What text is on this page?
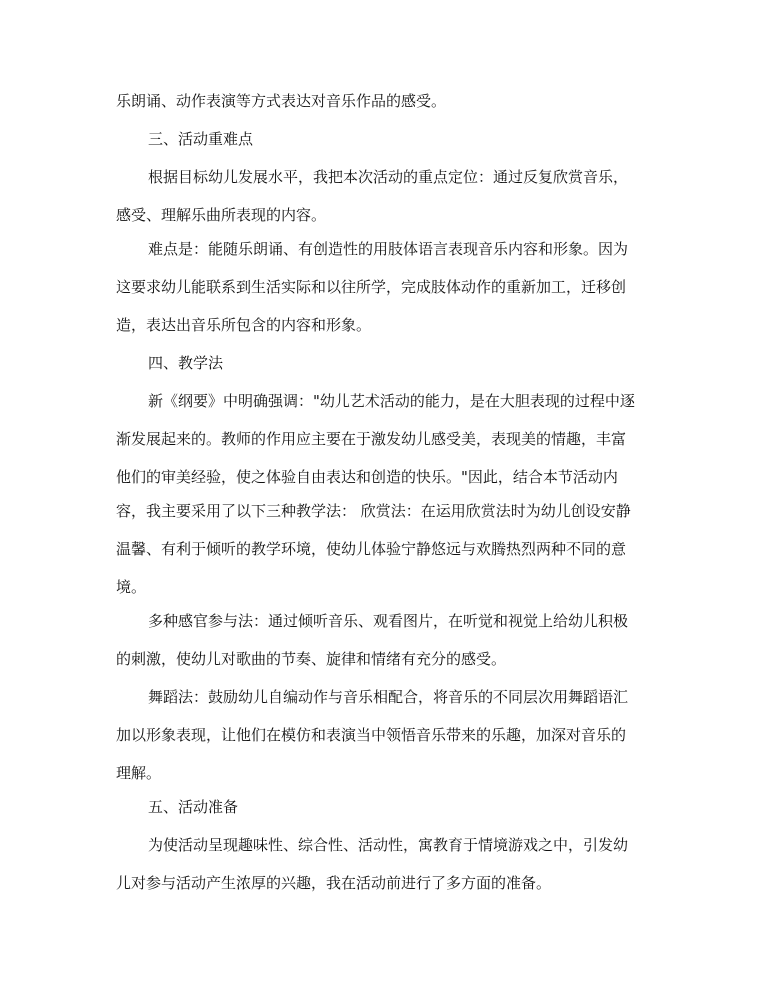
乐朗诵、动作表演等方式表达对音乐作品的感受。
三、活动重难点
根据目标幼儿发展水平，我把本次活动的重点定位：通过反复欣赏音乐，
感受、理解乐曲所表现的内容。
难点是：能随乐朗诵、有创造性的用肢体语言表现音乐内容和形象。因为
这要求幼儿能联系到生活实际和以往所学，完成肢体动作的重新加工，迁移创
造，表达出音乐所包含的内容和形象。
四、教学法
新《纲要》中明确强调："幼儿艺术活动的能力，是在大胆表现的过程中逐
渐发展起来的。教师的作用应主要在于激发幼儿感受美，表现美的情趣，丰富
他们的审美经验，使之体验自由表达和创造的快乐。"因此，结合本节活动内
容，我主要采用了以下三种教学法： 欣赏法：在运用欣赏法时为幼儿创设安静
温馨、有利于倾听的教学环境，使幼儿体验宁静悠远与欢腾热烈两种不同的意
境。
多种感官参与法：通过倾听音乐、观看图片，在听觉和视觉上给幼儿积极
的刺激，使幼儿对歌曲的节奏、旋律和情绪有充分的感受。
舞蹈法：鼓励幼儿自编动作与音乐相配合，将音乐的不同层次用舞蹈语汇
加以形象表现，让他们在模仿和表演当中领悟音乐带来的乐趣，加深对音乐的
理解。
五、活动准备
为使活动呈现趣味性、综合性、活动性，寓教育于情境游戏之中，引发幼
儿对参与活动产生浓厚的兴趣，我在活动前进行了多方面的准备。
